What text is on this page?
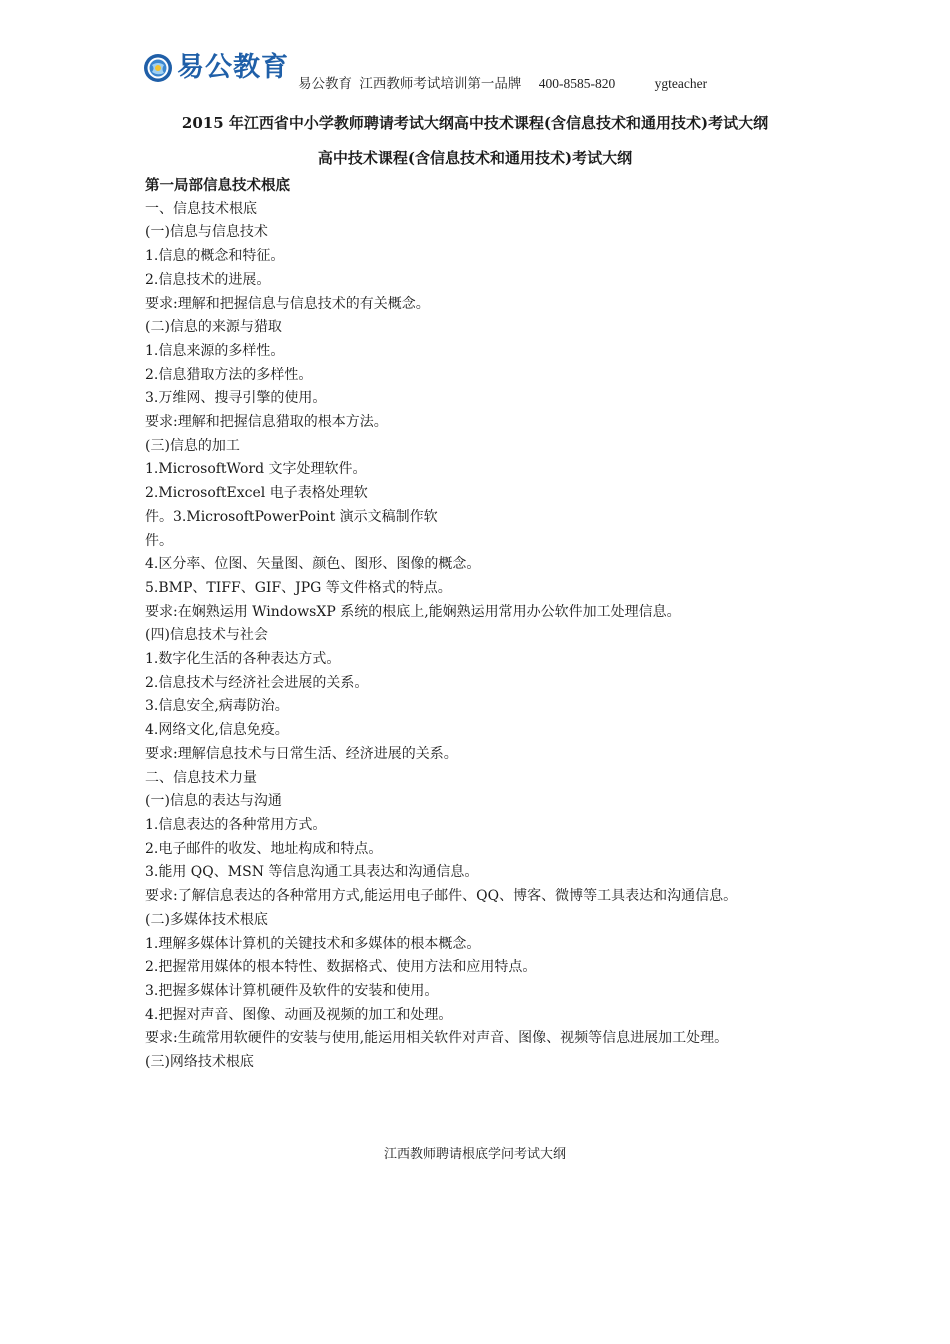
易公教育
易公教育 江西教师考试培训第一品牌 400-8585-820	ygteacher
2015 年江西省中小学教师聘请考试大纲高中技术课程(含信息技术和通用技术)考试大纲
高中技术课程(含信息技术和通用技术)考试大纲
第一局部信息技术根底
一、信息技术根底
(一)信息与信息技术
1.信息的概念和特征。
2.信息技术的进展。
要求:理解和把握信息与信息技术的有关概念。
(二)信息的来源与猎取
1.信息来源的多样性。
2.信息猎取方法的多样性。
3.万维网、搜寻引擎的使用。
要求:理解和把握信息猎取的根本方法。
(三)信息的加工
1.MicrosoftWord 文字处理软件。
2.MicrosoftExcel 电子表格处理软
件。3.MicrosoftPowerPoint 演示文稿制作软
件。
4.区分率、位图、矢量图、颜色、图形、图像的概念。
5.BMP、TIFF、GIF、JPG 等文件格式的特点。
要求:在娴熟运用 WindowsXP 系统的根底上,能娴熟运用常用办公软件加工处理信息。
(四)信息技术与社会
1.数字化生活的各种表达方式。
2.信息技术与经济社会进展的关系。
3.信息安全,病毒防治。
4.网络文化,信息免疫。
要求:理解信息技术与日常生活、经济进展的关系。
二、信息技术力量
(一)信息的表达与沟通
1.信息表达的各种常用方式。
2.电子邮件的收发、地址构成和特点。
3.能用 QQ、MSN 等信息沟通工具表达和沟通信息。
要求:了解信息表达的各种常用方式,能运用电子邮件、QQ、博客、微博等工具表达和沟通信息。
(二)多媒体技术根底
1.理解多媒体计算机的关键技术和多媒体的根本概念。
2.把握常用媒体的根本特性、数据格式、使用方法和应用特点。
3.把握多媒体计算机硬件及软件的安装和使用。
4.把握对声音、图像、动画及视频的加工和处理。
要求:生疏常用软硬件的安装与使用,能运用相关软件对声音、图像、视频等信息进展加工处理。
(三)网络技术根底
江西教师聘请根底学问考试大纲
